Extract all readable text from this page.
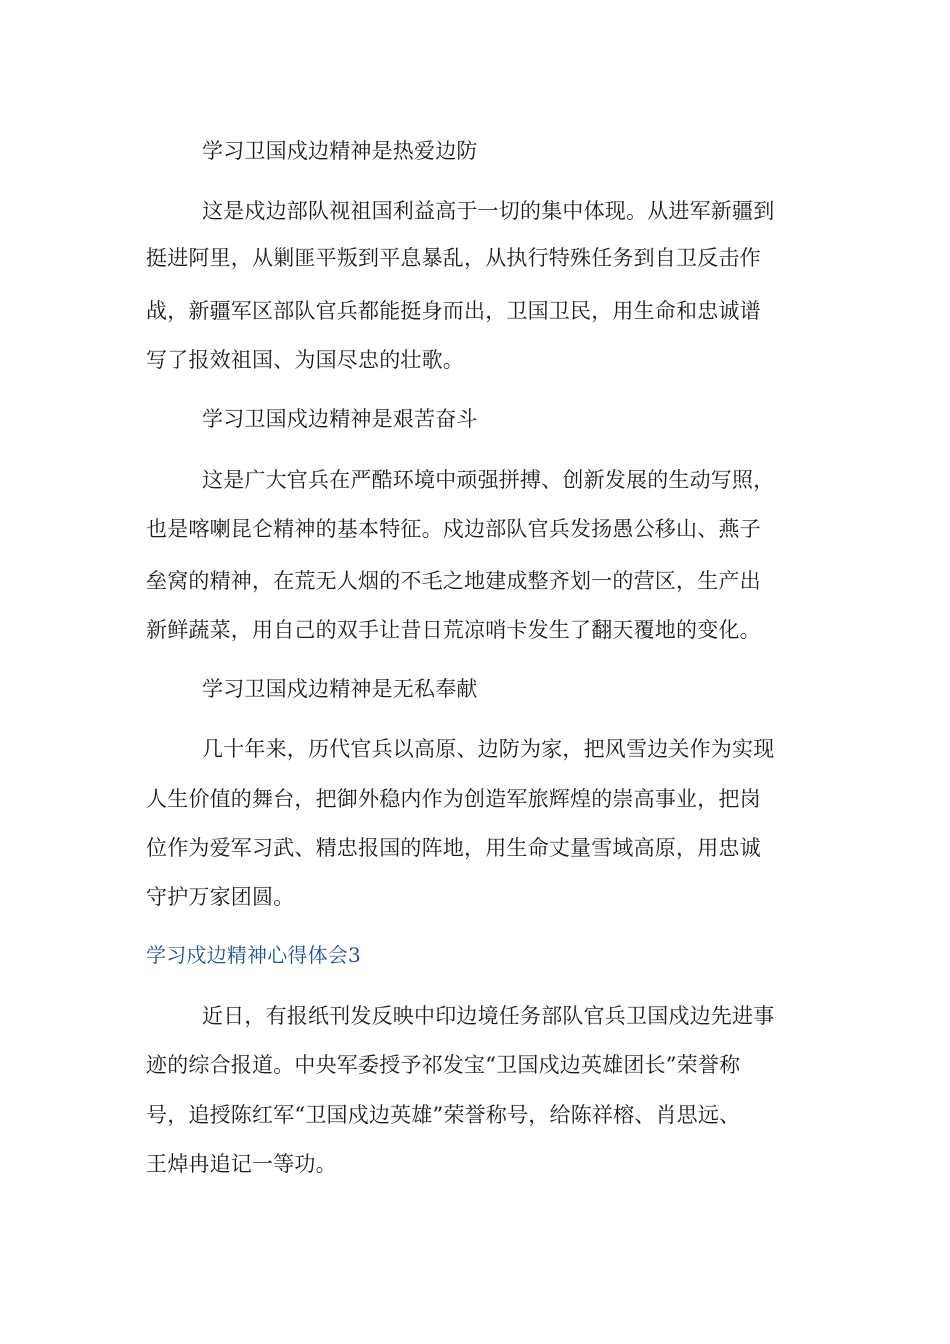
学习卫国戍边精神是热爱边防
这是戍边部队视祖国利益高于一切的集中体现。从进军新疆到
挺进阿里，从剿匪平叛到平息暴乱，从执行特殊任务到自卫反击作
战，新疆军区部队官兵都能挺身而出，卫国卫民，用生命和忠诚谱
写了报效祖国、为国尽忠的壮歌。
学习卫国戍边精神是艰苦奋斗
这是广大官兵在严酷环境中顽强拼搏、创新发展的生动写照，
也是喀喇昆仑精神的基本特征。戍边部队官兵发扬愚公移山、燕子
垒窝的精神，在荒无人烟的不毛之地建成整齐划一的营区，生产出
新鲜蔬菜，用自己的双手让昔日荒凉哨卡发生了翻天覆地的变化。
学习卫国戍边精神是无私奉献
几十年来，历代官兵以高原、边防为家，把风雪边关作为实现
人生价值的舞台，把御外稳内作为创造军旅辉煌的崇高事业，把岗
位作为爱军习武、精忠报国的阵地，用生命丈量雪域高原，用忠诚
守护万家团圆。
学习戍边精神心得体会3
近日，有报纸刊发反映中印边境任务部队官兵卫国戍边先进事
迹的综合报道。中央军委授予祁发宝“卫国戍边英雄团长”荣誉称
号，追授陈红军“卫国戍边英雄”荣誉称号，给陈祥榕、肖思远、
王焯冉追记一等功。
